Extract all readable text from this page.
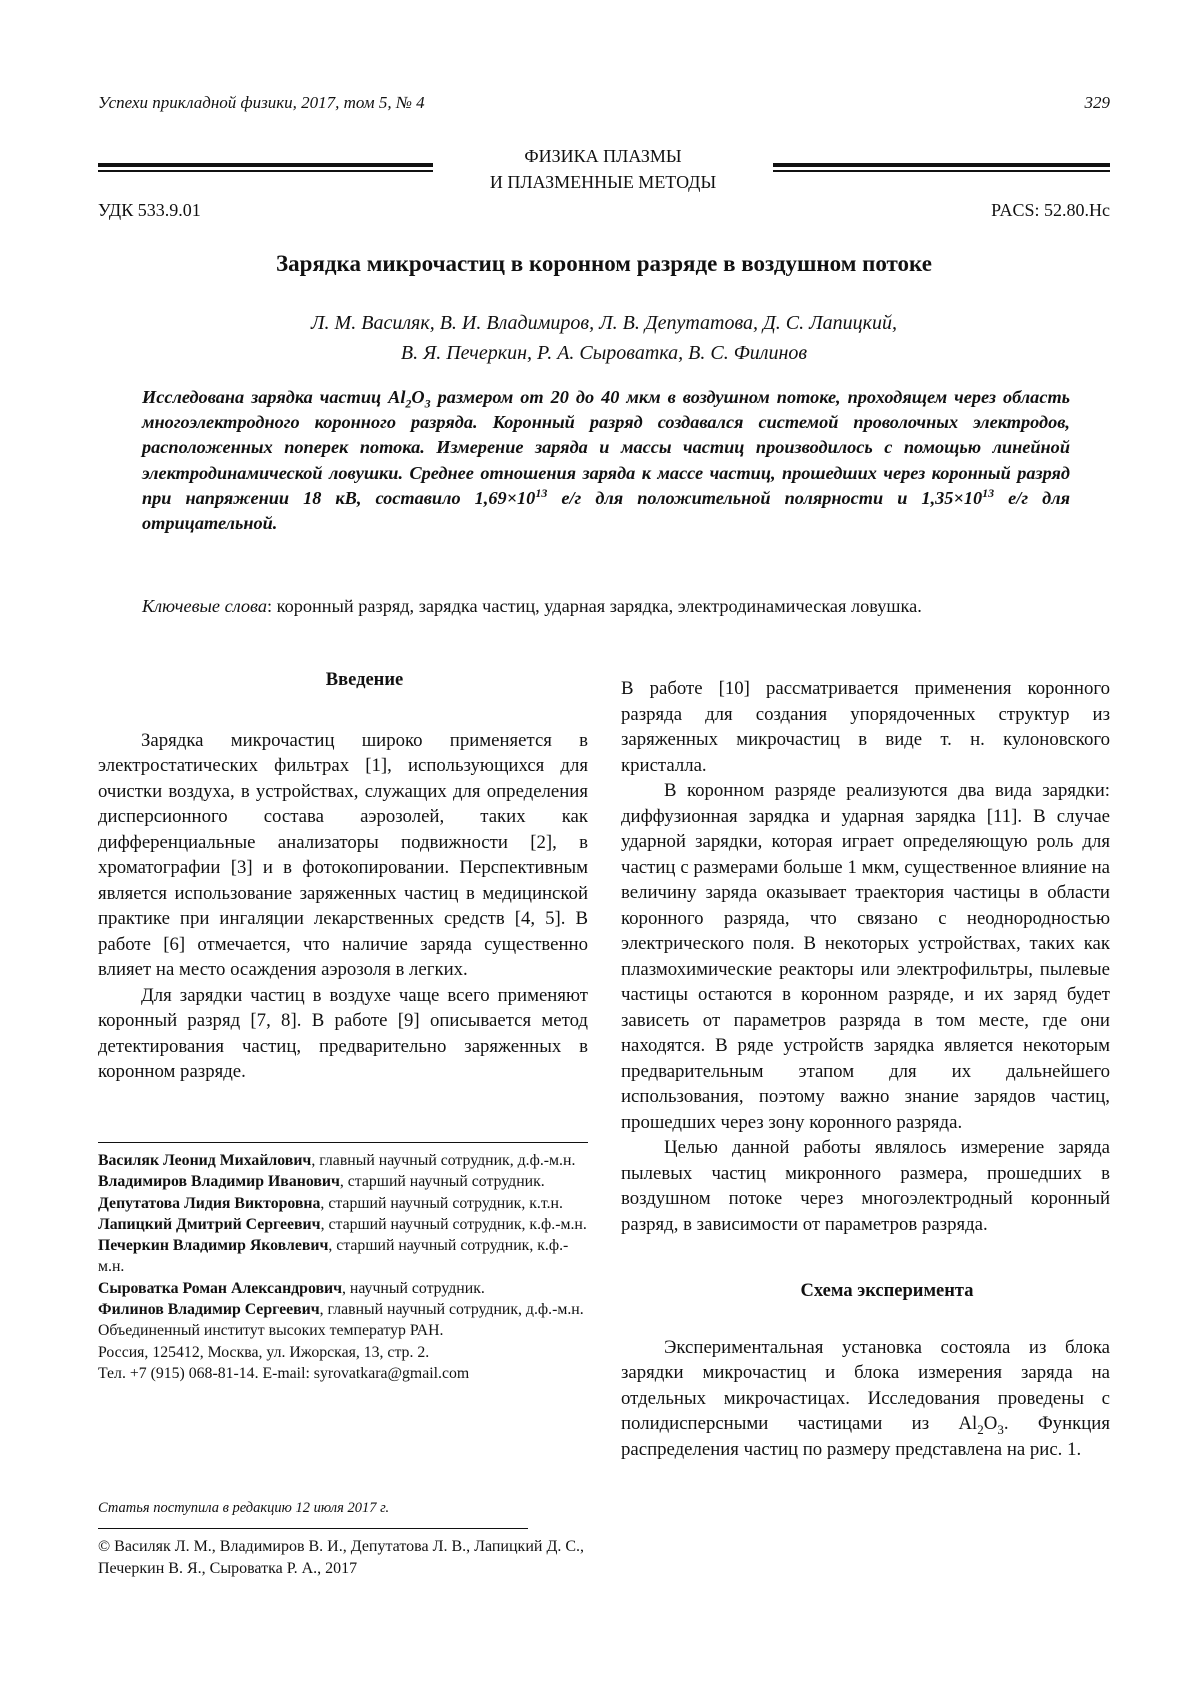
Успехи прикладной физики, 2017, том 5, № 4	329
ФИЗИКА ПЛАЗМЫ
И ПЛАЗМЕННЫЕ МЕТОДЫ
УДК 533.9.01	PACS: 52.80.Hc
Зарядка микрочастиц в коронном разряде в воздушном потоке
Л. М. Василяк, В. И. Владимиров, Л. В. Депутатова, Д. С. Лапицкий,
В. Я. Печеркин, Р. А. Сыроватка, В. С. Филинов

Исследована зарядка частиц $Al_2O_3$ размером от 20 до 40 мкм в воздушном потоке, проходящем через область многоэлектродного коронного разряда. Коронный разряд создавался системой проволочных электродов, расположенных поперек потока. Измерение заряда и массы частиц производилось с помощью линейной электродинамической ловушки. Среднее отношения заряда к массе частиц, прошедших через коронный разряд при напряжении 18 кВ, составило $1,69\times 10^{13}$ е/г для положительной полярности и $1,35\times 10^{13}$ е/г для отрицательной.

Ключевые слова: коронный разряд, зарядка частиц, ударная зарядка, электродинамическая ловушка.

Введение

Зарядка микрочастиц широко применяется в электростатических фильтрах [1], использующихся для очистки воздуха, в устройствах, служащих для определения дисперсионного состава аэрозолей, таких как дифференциальные анализаторы подвижности [2], в хроматографии [3] и в фотокопировании. Перспективным является использование заряженных частиц в медицинской практике при ингаляции лекарственных средств [4, 5]. В работе [6] отмечается, что наличие заряда существенно влияет на место осаждения аэрозоля в легких.

Для зарядки частиц в воздухе чаще всего применяют коронный разряд [7, 8]. В работе [9] описывается метод детектирования частиц, предварительно заряженных в коронном разряде.

Василяк Леонид Михайлович, главный научный сотрудник, д.ф.-м.н.
Владимиров Владимир Иванович, старший научный сотрудник.
Депутатова Лидия Викторовна, старший научный сотрудник, к.т.н.
Лапицкий Дмитрий Сергеевич, старший научный сотрудник, к.ф.-м.н.
Печеркин Владимир Яковлевич, старший научный сотрудник, к.ф.-м.н.
Сыроватка Роман Александрович, научный сотрудник.
Филинов Владимир Сергеевич, главный научный сотрудник, д.ф.-м.н.
Объединенный институт высоких температур РАН.
Россия, 125412, Москва, ул. Ижорская, 13, стр. 2.
Тел. +7 (915) 068-81-14. E-mail: syrovatkara@gmail.com
Статья поступила в редакцию 12 июля 2017 г.

© Василяк Л. М., Владимиров В. И., Депутатова Л. В., Лапицкий Д. С., Печеркин В. Я., Сыроватка Р. А., 2017

В работе [10] рассматривается применения коронного разряда для создания упорядоченных структур из заряженных микрочастиц в виде т. н. кулоновского кристалла.

В коронном разряде реализуются два вида зарядки: диффузионная зарядка и ударная зарядка [11]. В случае ударной зарядки, которая играет определяющую роль для частиц с размерами больше 1 мкм, существенное влияние на величину заряда оказывает траектория частицы в области коронного разряда, что связано с неоднородностью электрического поля. В некоторых устройствах, таких как плазмохимические реакторы или электрофильтры, пылевые частицы остаются в коронном разряде, и их заряд будет зависеть от параметров разряда в том месте, где они находятся. В ряде устройств зарядка является некоторым предварительным этапом для их дальнейшего использования, поэтому важно знание зарядов частиц, прошедших через зону коронного разряда.

Целью данной работы являлось измерение заряда пылевых частиц микронного размера, прошедших в воздушном потоке через многоэлектродный коронный разряд, в зависимости от параметров разряда.

Схема эксперимента

Экспериментальная установка состояла из блока зарядки микрочастиц и блока измерения заряда на отдельных микрочастицах. Исследования проведены с полидисперсными частицами из $Al_2O_3$. Функция распределения частиц по размеру представлена на рис. 1.
